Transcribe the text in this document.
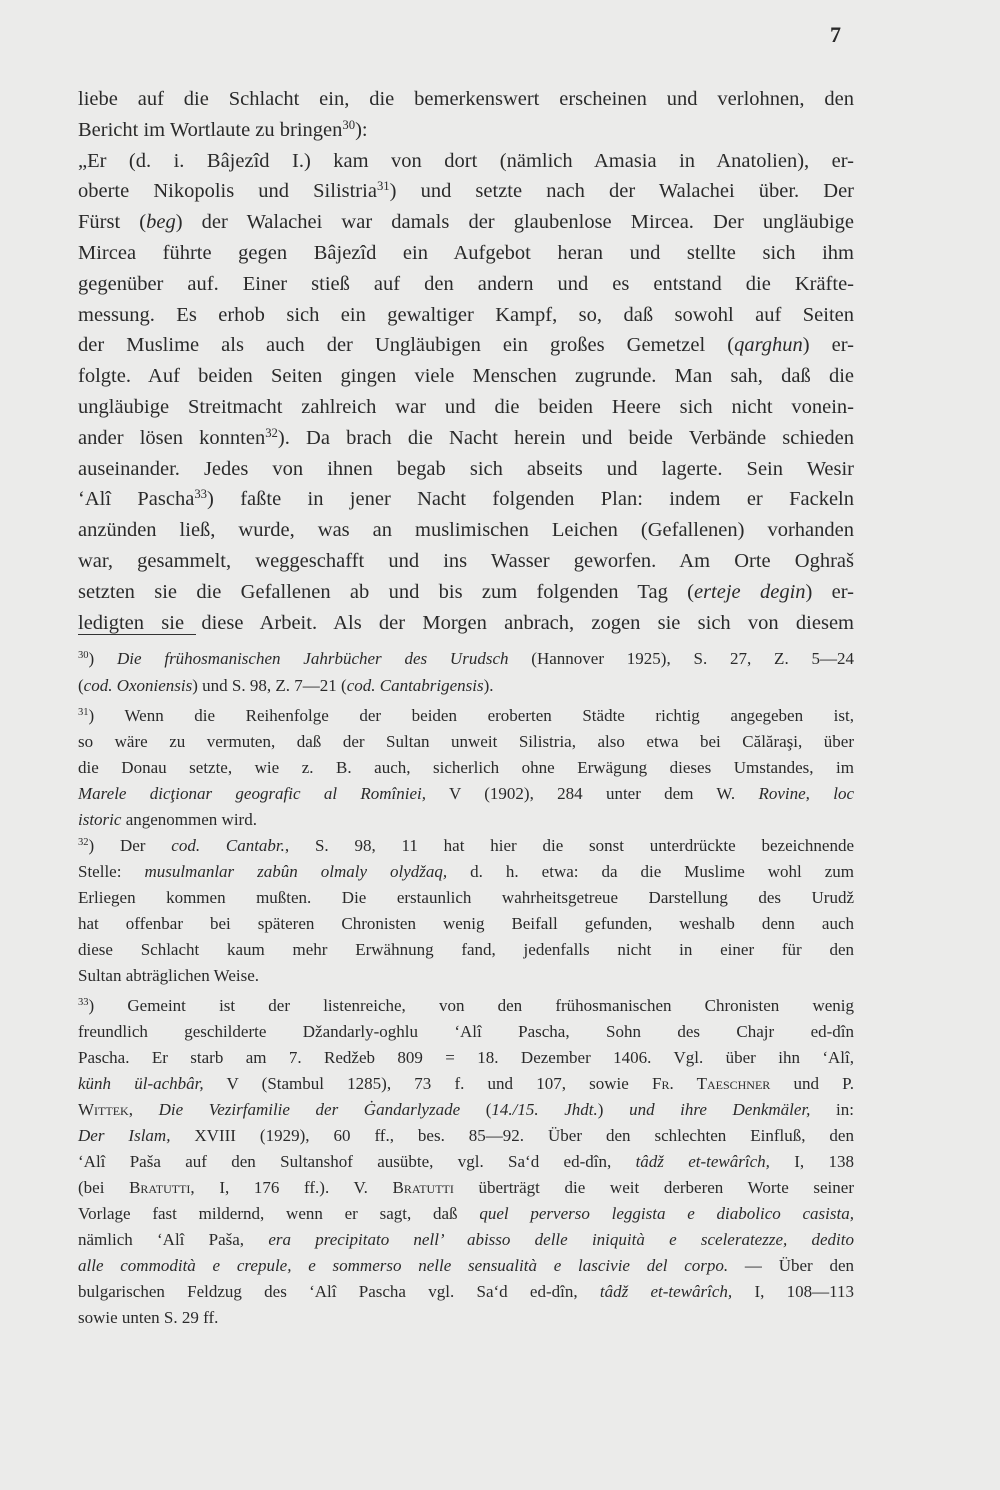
7
liebe auf die Schlacht ein, die bemerkenswert erscheinen und verlohnen, den
Bericht im Wortlaute zu bringen$^{30}$):
„Er (d. i. Bâjezîd I.) kam von dort (nämlich Amasia in Anatolien), er-
oberte Nikopolis und Silistria$^{31}$) und setzte nach der Walachei über. Der
Fürst (beg) der Walachei war damals der glaubenlose Mircea. Der ungläubige
Mircea führte gegen Bâjezîd ein Aufgebot heran und stellte sich ihm
gegenüber auf. Einer stieß auf den andern und es entstand die Kräfte-
messung. Es erhob sich ein gewaltiger Kampf, so, daß sowohl auf Seiten
der Muslime als auch der Ungläubigen ein großes Gemetzel (qarghun) er-
folgte. Auf beiden Seiten gingen viele Menschen zugrunde. Man sah, daß die
ungläubige Streitmacht zahlreich war und die beiden Heere sich nicht vonein-
ander lösen konnten$^{32}$). Da brach die Nacht herein und beide Verbände schieden
auseinander. Jedes von ihnen begab sich abseits und lagerte. Sein Wesir
‘Alî Pascha$^{33}$) faßte in jener Nacht folgenden Plan: indem er Fackeln
anzünden ließ, wurde, was an muslimischen Leichen (Gefallenen) vorhanden
war, gesammelt, weggeschafft und ins Wasser geworfen. Am Orte Oghraš
setzten sie die Gefallenen ab und bis zum folgenden Tag (erteje degin) er-
ledigten sie diese Arbeit. Als der Morgen anbrach, zogen sie sich von diesem
$^{30}$) Die frühosmanischen Jahrbücher des Urudsch (Hannover 1925), S. 27, Z. 5—24
(cod. Oxoniensis) und S. 98, Z. 7—21 (cod. Cantabrigensis).
$^{31}$) Wenn die Reihenfolge der beiden eroberten Städte richtig angegeben ist,
so wäre zu vermuten, daß der Sultan unweit Silistria, also etwa bei Călăraşi, über
die Donau setzte, wie z. B. auch, sicherlich ohne Erwägung dieses Umstandes, im
Marele dicţionar geografic al Romîniei, V (1902), 284 unter dem W. Rovine, loc
istoric angenommen wird.
$^{32}$) Der cod. Cantabr., S. 98, 11 hat hier die sonst unterdrückte bezeichnende
Stelle: musulmanlar zabûn olmaly olydžaq, d. h. etwa: da die Muslime wohl zum
Erliegen kommen mußten. Die erstaunlich wahrheitsgetreue Darstellung des Urudž
hat offenbar bei späteren Chronisten wenig Beifall gefunden, weshalb denn auch
diese Schlacht kaum mehr Erwähnung fand, jedenfalls nicht in einer für den
Sultan abträglichen Weise.
$^{33}$) Gemeint ist der listenreiche, von den frühosmanischen Chronisten wenig
freundlich geschilderte Džandarly-oghlu ‘Alî Pascha, Sohn des Chajr ed-dîn
Pascha. Er starb am 7. Redžeb 809 = 18. Dezember 1406. Vgl. über ihn ‘Alî,
künh ül-achbâr, V (Stambul 1285), 73 f. und 107, sowie Fr. Taeschner und P.
Wittek, Die Vezirfamilie der Ġandarlyzade (14./15. Jhdt.) und ihre Denkmäler, in:
Der Islam, XVIII (1929), 60 ff., bes. 85—92. Über den schlechten Einfluß, den
‘Alî Paša auf den Sultanshof ausübte, vgl. Sa‘d ed-dîn, tâdž et-tewârîch, I, 138
(bei Bratutti, I, 176 ff.). V. Bratutti überträgt die weit derberen Worte seiner
Vorlage fast mildernd, wenn er sagt, daß quel perverso leggista e diabolico casista,
nämlich ‘Alî Paša, era precipitato nell’ abisso delle iniquità e sceleratezze, dedito
alle commodità e crepule, e sommerso nelle sensualità e lascivie del corpo. — Über den
bulgarischen Feldzug des ‘Alî Pascha vgl. Sa‘d ed-dîn, tâdž et-tewârîch, I, 108—113
sowie unten S. 29 ff.
